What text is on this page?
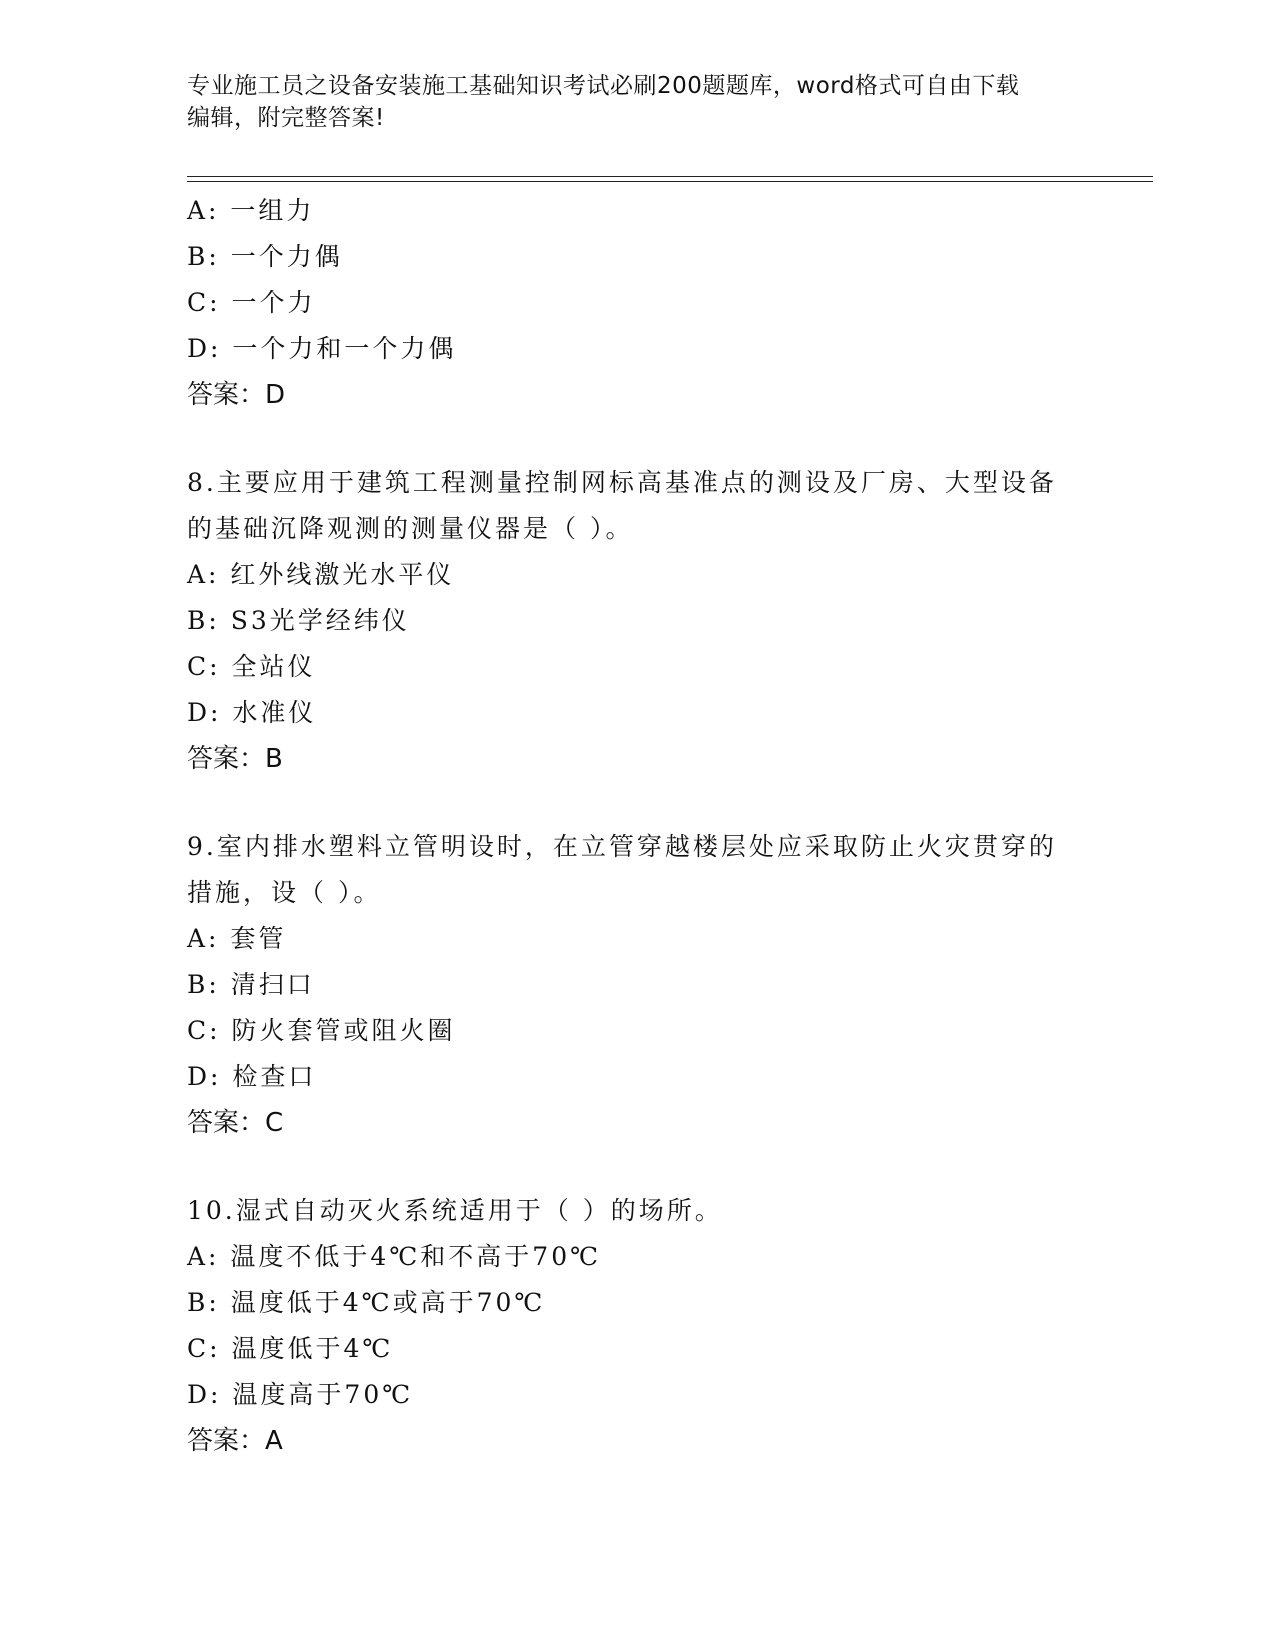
专业施工员之设备安装施工基础知识考试必刷200题题库，word格式可自由下载
编辑，附完整答案!
A: 一组力
B: 一个力偶
C: 一个力
D: 一个力和一个力偶
答案：D
8.主要应用于建筑工程测量控制网标高基准点的测设及厂房、大型设备的基础沉降观测的测量仪器是（ ）。
A: 红外线激光水平仪
B: S3光学经纬仪
C: 全站仪
D: 水准仪
答案：B
9.室内排水塑料立管明设时，在立管穿越楼层处应采取防止火灾贯穿的措施，设（ ）。
A: 套管
B: 清扫口
C: 防火套管或阻火圈
D: 检查口
答案：C
10.湿式自动灭火系统适用于（ ）的场所。
A: 温度不低于4℃和不高于70℃
B: 温度低于4℃或高于70℃
C: 温度低于4℃
D: 温度高于70℃
答案：A
